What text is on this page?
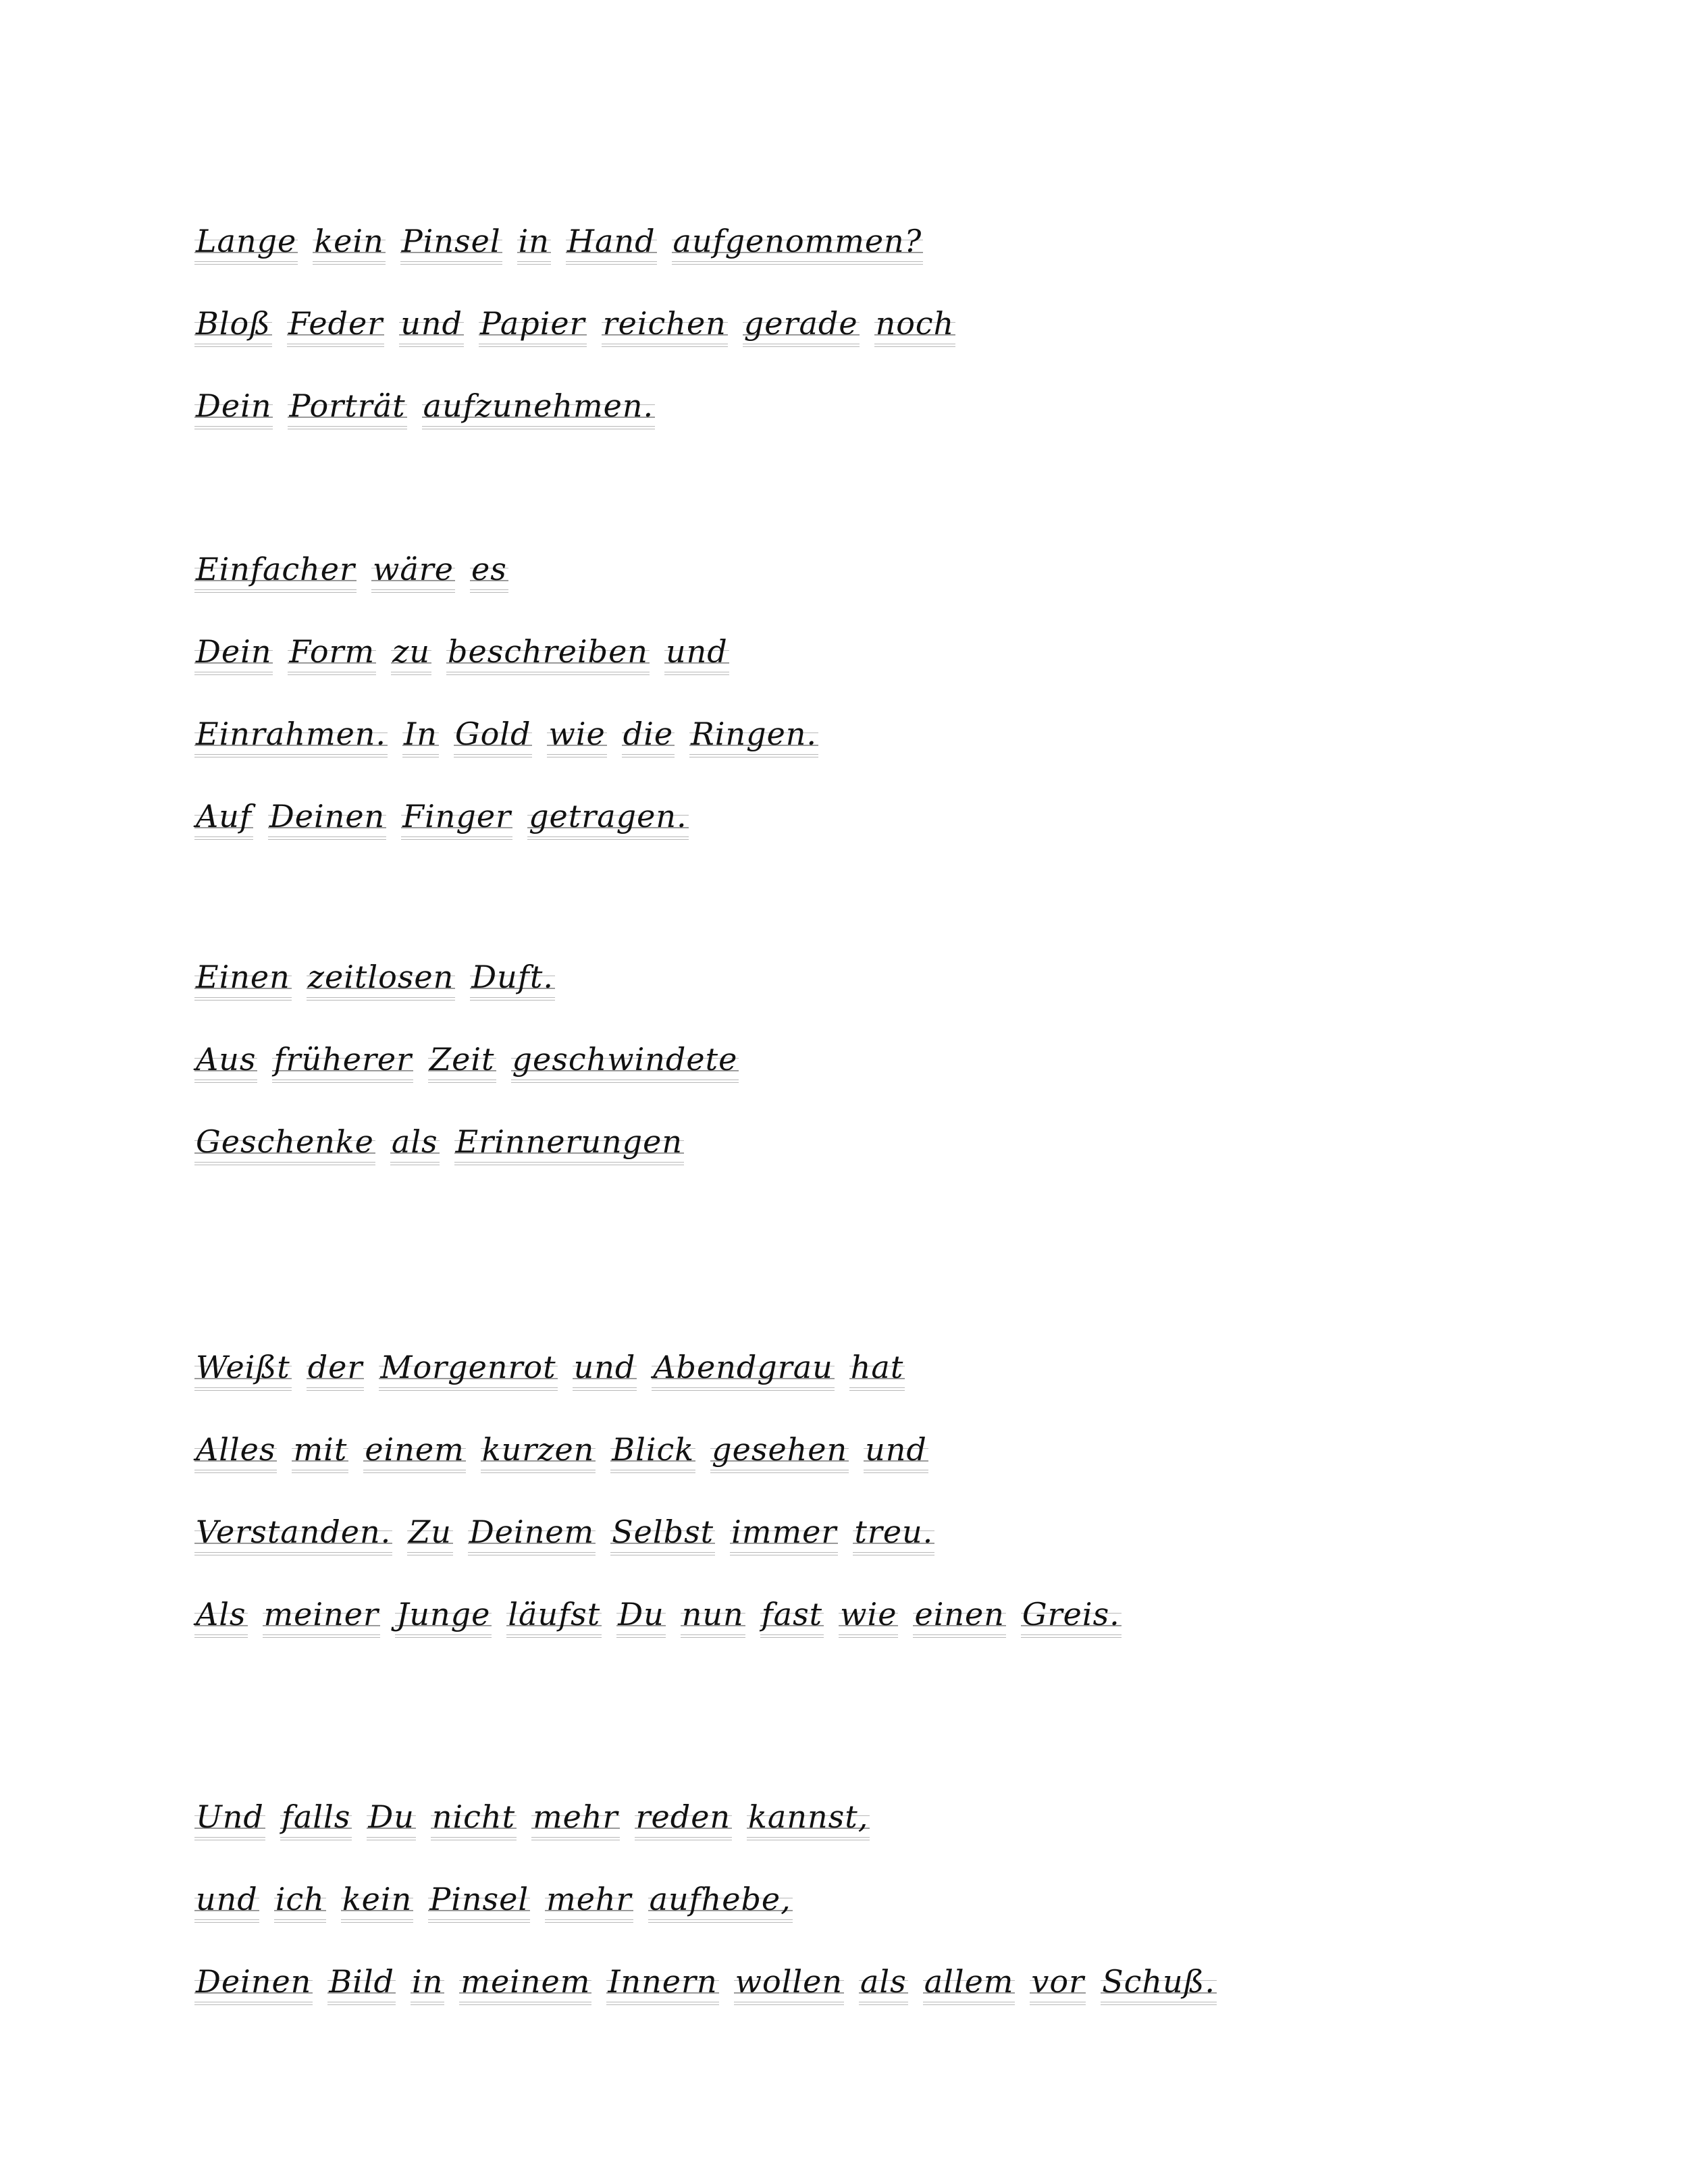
Lange kein Pinsel in Hand aufgenommen?
Bloß Feder und Papier reichen gerade noch
Dein Porträt aufzunehmen.
Einfacher wäre es
Dein Form zu beschreiben und
Einrahmen. In Gold wie die Ringen.
Auf Deinen Finger getragen.
Einen zeitlosen Duft.
Aus früherer Zeit geschwindete
Geschenke als Erinnerungen
Weißt der Morgenrot und Abendgrau hat
Alles mit einem kurzen Blick gesehen und
Verstanden. Zu Deinem Selbst immer treu.
Als meiner Junge läufst Du nun fast wie einen Greis.
Und falls Du nicht mehr reden kannst,
und ich kein Pinsel mehr aufhebe,
Deinen Bild in meinem Innern wollen als allem vor Schuß.
